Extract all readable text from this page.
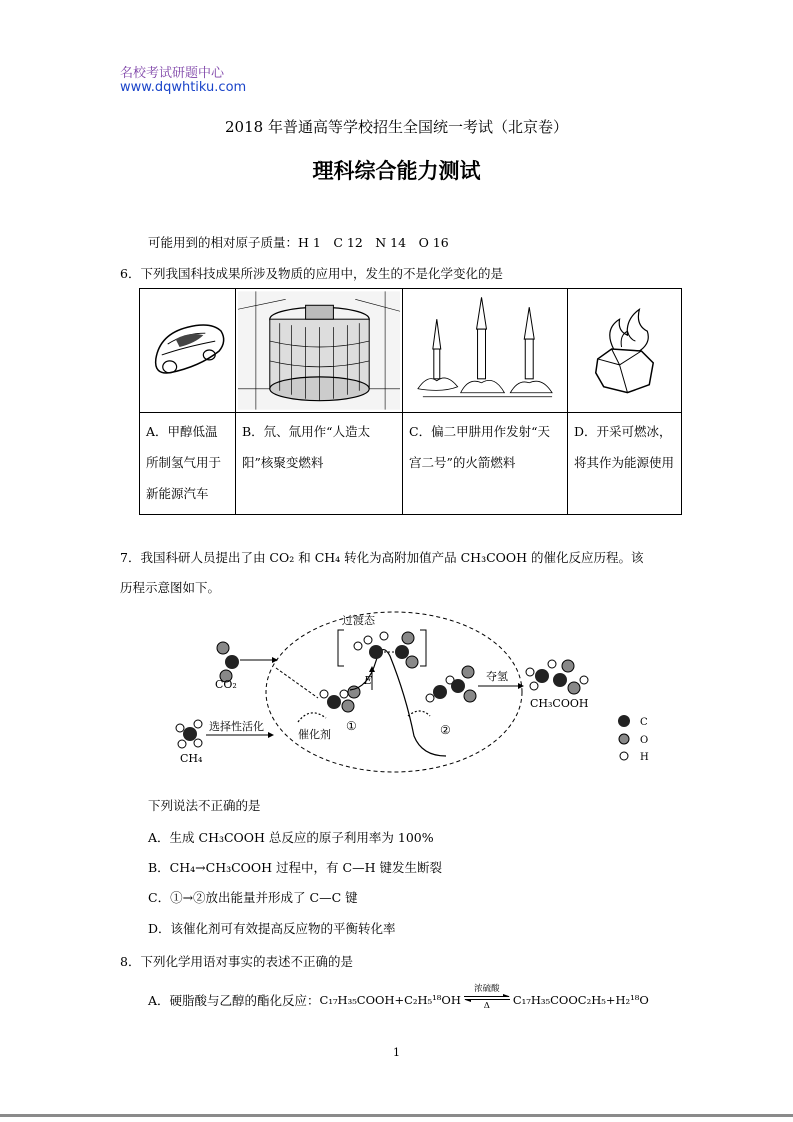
名校考试研题中心
www.dqwhtiku.com
2018 年普通高等学校招生全国统一考试（北京卷）
理科综合能力测试
可能用到的相对原子质量：H 1　C 12　N 14　O 16
6．下列我国科技成果所涉及物质的应用中，发生的不是化学变化的是

A．甲醇低温所制氢气用于新能源汽车	B．氘、氚用作“人造太阳”核聚变燃料	C．偏二甲肼用作发射“天宫二号”的火箭燃料	D．开采可燃冰，将其作为能源使用
7．我国科研人员提出了由 CO₂ 和 CH₄ 转化为高附加值产品 CH₃COOH 的催化反应历程。该
历程示意图如下。
CO₂
CH₄
选择性活化
催化剂
①
E
过渡态
②
夺氢
CH₃COOH
C
O
H
下列说法不正确的是
A．生成 CH₃COOH 总反应的原子利用率为 100%
B．CH₄→CH₃COOH 过程中，有 C—H 键发生断裂
C．①→②放出能量并形成了 C—C 键
D．该催化剂可有效提高反应物的平衡转化率
8．下列化学用语对事实的表述不正确的是
A．硬脂酸与乙醇的酯化反应： C₁₇H₃₅COOH+C₂H₅¹⁸OH
浓硫酸
Δ C₁₇H₃₅COOC₂H₅+H₂¹⁸O
1
